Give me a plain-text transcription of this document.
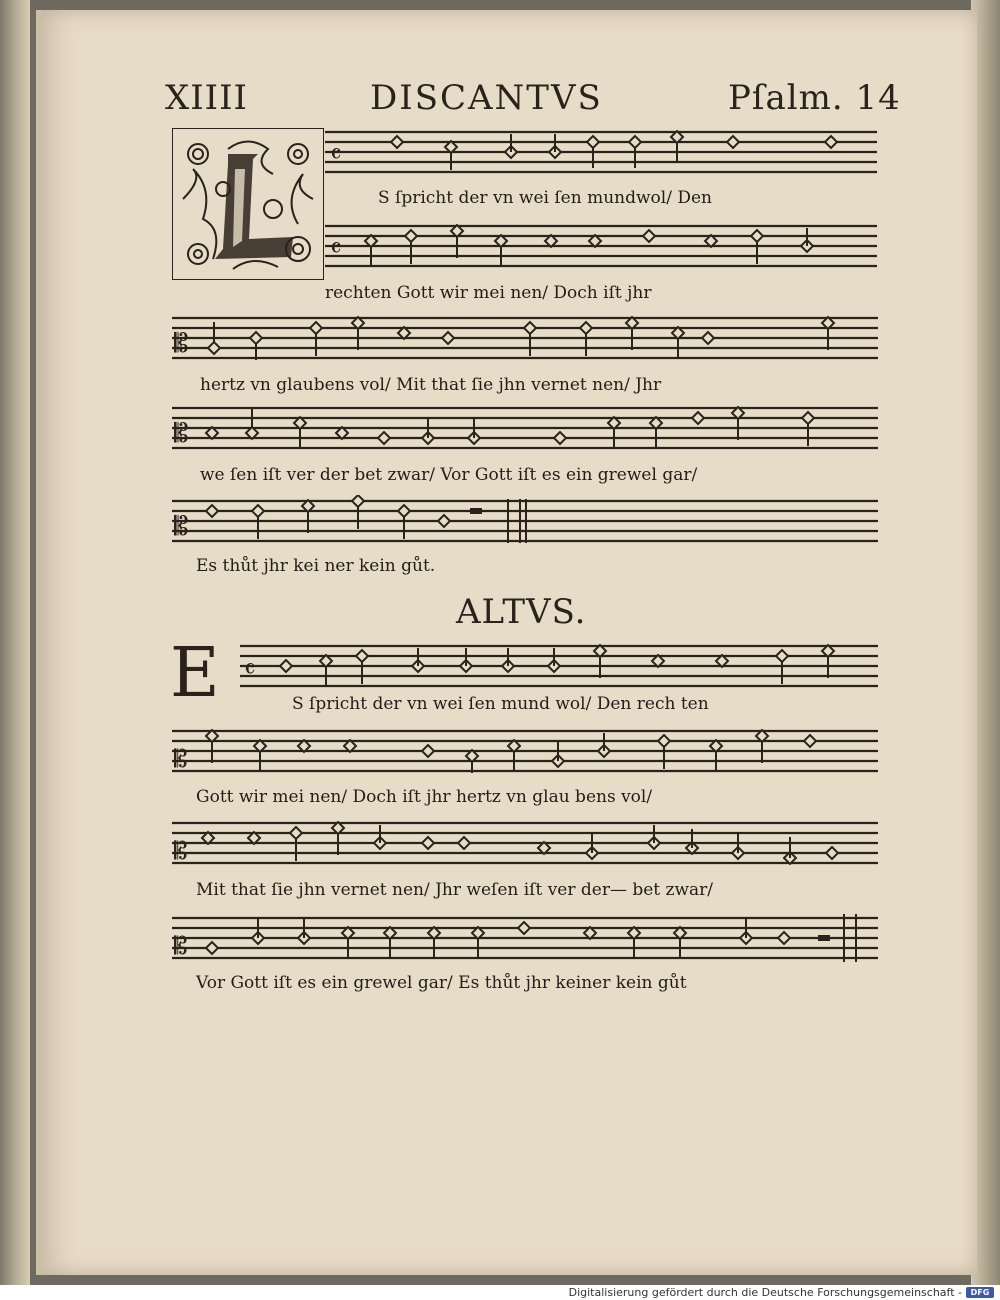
XIIII	DISCANTVS	Pſalm. 14
𝄴
S ſpricht der vn wei ſen mundwol/ Den
𝄴
rechten Gott wir mei nen/ Doch iſt jhr
𝄡
hertz vn glaubens vol/ Mit that ſie jhn vernet nen/ Jhr
𝄡
we ſen iſt ver der bet zwar/ Vor Gott iſt es ein grewel gar/
𝄡
Es thůt jhr kei ner kein gůt.
ALTVS.
E 𝄴
S ſpricht der vn wei ſen mund wol/ Den rech ten
𝄡
Gott wir mei nen/ Doch iſt jhr hertz vn glau bens vol/
𝄡
Mit that ſie jhn vernet nen/ Jhr weſen iſt ver der— bet zwar/
𝄡
Vor Gott iſt es ein grewel gar/ Es thůt jhr keiner kein gůt
Digitalisierung gefördert durch die Deutsche Forschungsgemeinschaft -	DFG
